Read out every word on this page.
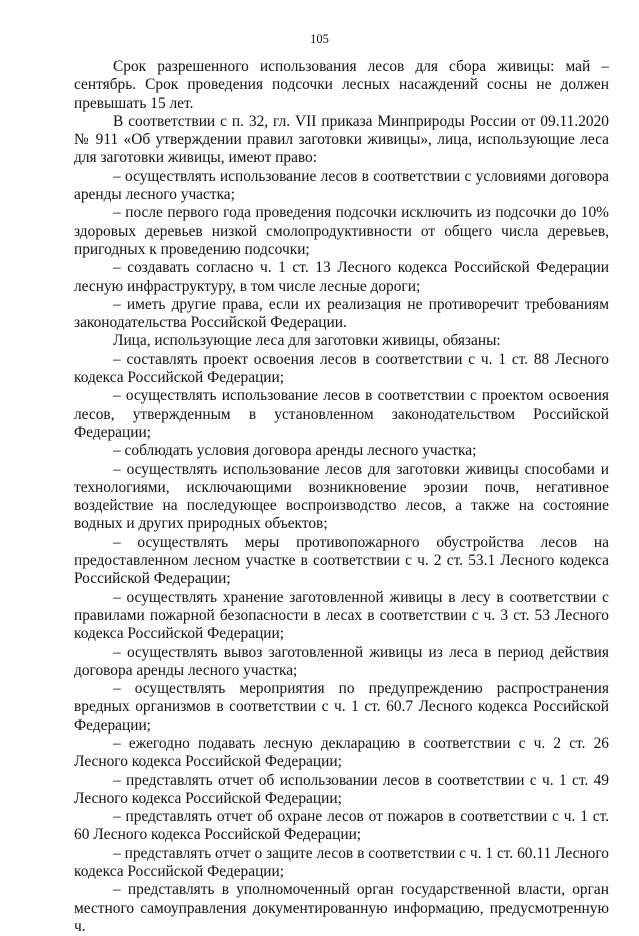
105

Срок разрешенного использования лесов для сбора живицы: май – сентябрь. Срок проведения подсочки лесных насаждений сосны не должен превышать 15 лет.

В соответствии с п. 32, гл. VII приказа Минприроды России от 09.11.2020 № 911 «Об утверждении правил заготовки живицы», лица, использующие леса для заготовки живицы, имеют право:

– осуществлять использование лесов в соответствии с условиями договора аренды лесного участка;

– после первого года проведения подсочки исключить из подсочки до 10% здоровых деревьев низкой смолопродуктивности от общего числа деревьев, пригодных к проведению подсочки;

– создавать согласно ч. 1 ст. 13 Лесного кодекса Российской Федерации лесную инфраструктуру, в том числе лесные дороги;

– иметь другие права, если их реализация не противоречит требованиям законодательства Российской Федерации.

Лица, использующие леса для заготовки живицы, обязаны:

– составлять проект освоения лесов в соответствии с ч. 1 ст. 88 Лесного кодекса Российской Федерации;

– осуществлять использование лесов в соответствии с проектом освоения лесов, утвержденным в установленном законодательством Российской Федерации;

– соблюдать условия договора аренды лесного участка;

– осуществлять использование лесов для заготовки живицы способами и технологиями, исключающими возникновение эрозии почв, негативное воздействие на последующее воспроизводство лесов, а также на состояние водных и других природных объектов;

– осуществлять меры противопожарного обустройства лесов на предоставленном лесном участке в соответствии с ч. 2 ст. 53.1 Лесного кодекса Российской Федерации;

– осуществлять хранение заготовленной живицы в лесу в соответствии с правилами пожарной безопасности в лесах в соответствии с ч. 3 ст. 53 Лесного кодекса Российской Федерации;

– осуществлять вывоз заготовленной живицы из леса в период действия договора аренды лесного участка;

– осуществлять мероприятия по предупреждению распространения вредных организмов в соответствии с ч. 1 ст. 60.7 Лесного кодекса Российской Федерации;

– ежегодно подавать лесную декларацию в соответствии с ч. 2 ст. 26 Лесного кодекса Российской Федерации;

– представлять отчет об использовании лесов в соответствии с ч. 1 ст. 49 Лесного кодекса Российской Федерации;

– представлять отчет об охране лесов от пожаров в соответствии с ч. 1 ст. 60 Лесного кодекса Российской Федерации;

– представлять отчет о защите лесов в соответствии с ч. 1 ст. 60.11 Лесного кодекса Российской Федерации;

– представлять в уполномоченный орган государственной власти, орган местного самоуправления документированную информацию, предусмотренную ч.
